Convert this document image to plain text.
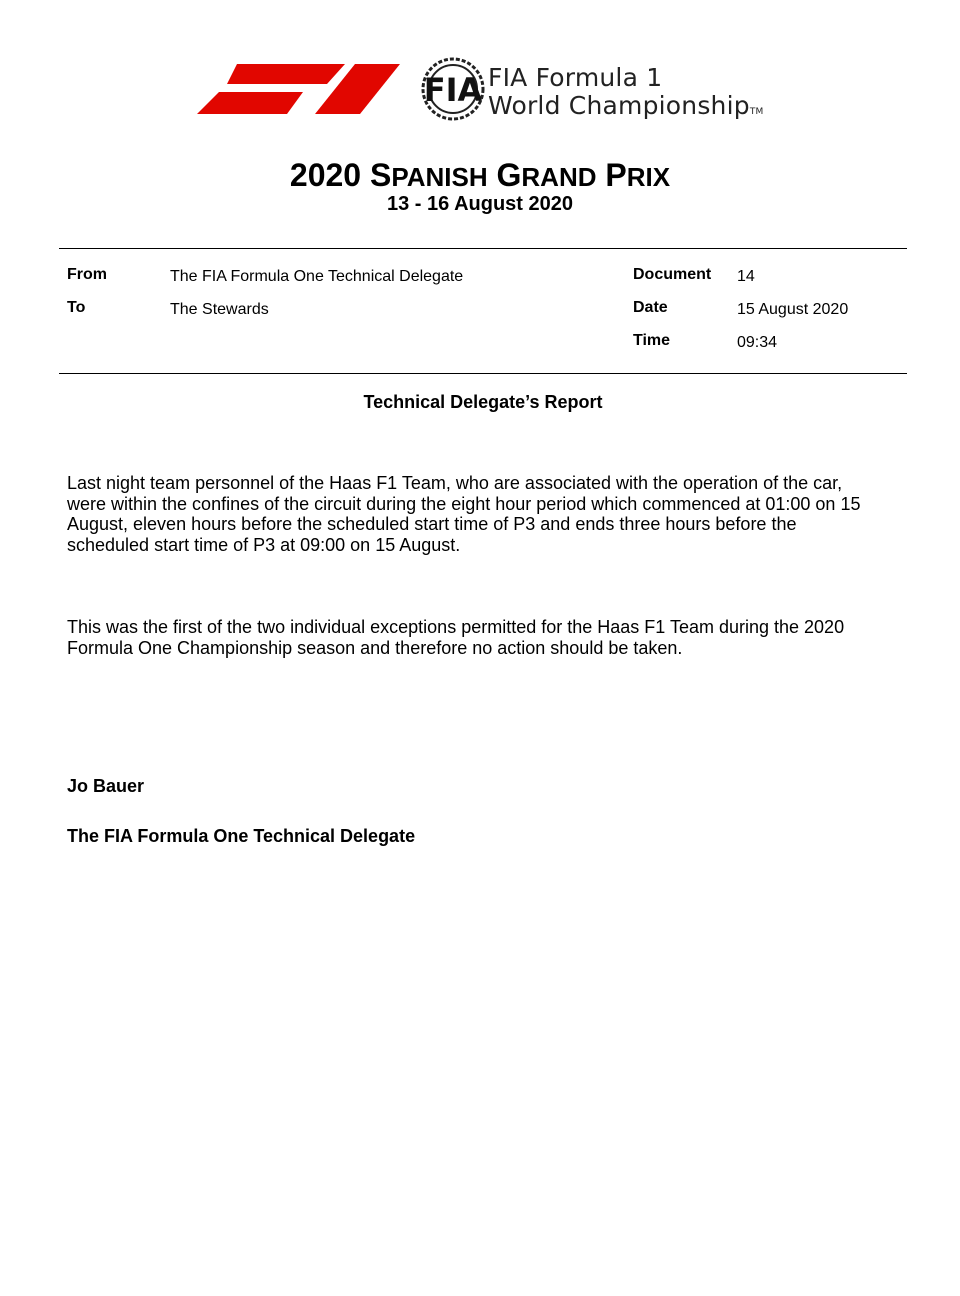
FIA FIA Formula 1
World ChampionshipTM
2020 SPANISH GRAND PRIX
13 - 16 August 2020
From	The FIA Formula One Technical Delegate
To	The Stewards
Document 14
Date	15 August 2020
Time	09:34
Technical Delegate’s Report
Last night team personnel of the Haas F1 Team, who are associated with the operation of the car,
were within the confines of the circuit during the eight hour period which commenced at 01:00 on 15
August, eleven hours before the scheduled start time of P3 and ends three hours before the
scheduled start time of P3 at 09:00 on 15 August.
This was the first of the two individual exceptions permitted for the Haas F1 Team during the 2020
Formula One Championship season and therefore no action should be taken.
Jo Bauer
The FIA Formula One Technical Delegate
